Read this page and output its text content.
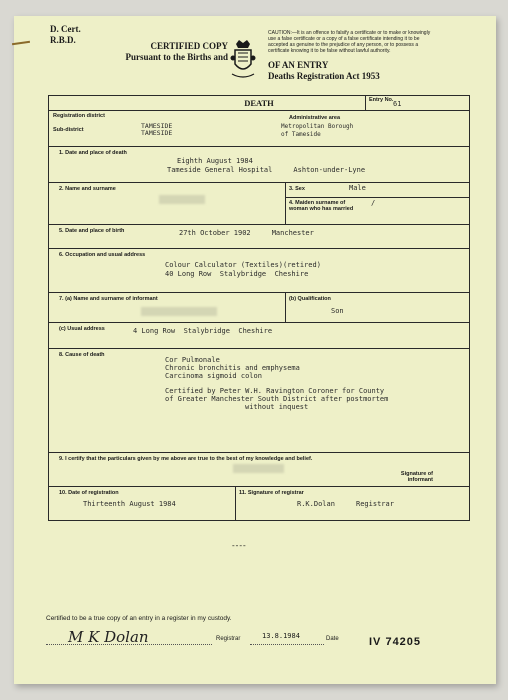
D. Cert.
R.B.D.
CERTIFIED COPY
Pursuant to the Births and
CAUTION:—It is an offence to falsify a certificate or to make or knowingly use a false certificate or a copy of a false certificate intending it to be accepted as genuine to the prejudice of any person, or to possess a certificate knowing it to be false without lawful authority.
OF AN ENTRY
Deaths Registration Act 1953
DEATH	Entry No. 61
Registration district
Sub-district	TAMESIDE
TAMESIDE
Administrative area
Metropolitan Borough
of Tameside
1. Date and place of death
Eighth August 1984
Tameside General Hospital     Ashton-under-Lyne
2. Name and surname	3. Sex	Male
4. Maiden surname of woman who has married
/
5. Date and place of birth	27th October 1902     Manchester
6. Occupation and usual address
Colour Calculator (Textiles)(retired)
40 Long Row  Stalybridge  Cheshire
7. (a) Name and surname of informant	(b) Qualification
Son
(c) Usual address	4 Long Row  Stalybridge  Cheshire
8. Cause of death
Cor Pulmonale
Chronic bronchitis and emphysema
Carcinoma sigmoid colon
Certified by Peter W.H. Ravington Coroner for County
of Greater Manchester South District after postmortem
without inquest
9. I certify that the particulars given by me above are true to the best of my knowledge and belief.
Signature of informant
10. Date of registration
Thirteenth August 1984
11. Signature of registrar
R.K.Dolan     Registrar
----
Certified to be a true copy of an entry in a register in my custody.
M K Dolan	Registrar	13.8.1984	Date	IV 74205
